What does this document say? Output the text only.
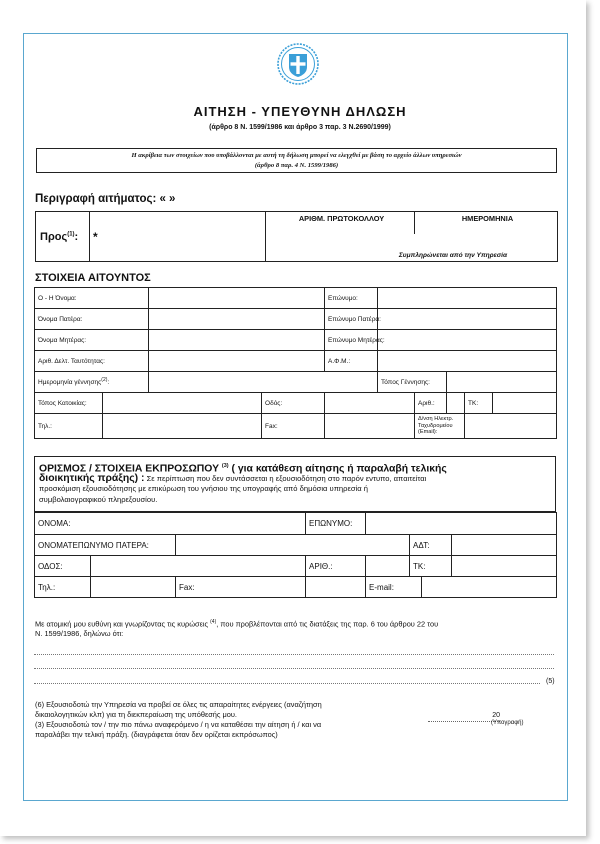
ΑΙΤΗΣΗ - ΥΠΕΥΘΥΝΗ ΔΗΛΩΣΗ
(άρθρο 8 Ν. 1599/1986 και άρθρο 3 παρ. 3 Ν.2690/1999)
Η ακρίβεια των στοιχείων που υποβάλλονται με αυτή τη δήλωση μπορεί να ελεγχθεί με βάση το αρχείο άλλων υπηρεσιών
(άρθρο 8 παρ. 4 Ν. 1599/1986)
Περιγραφή αιτήματος: « »
Προς$^{(1)}$:	*	ΑΡΙΘΜ. ΠΡΩΤΟΚΟΛΛΟΥ	ΗΜΕΡΟΜΗΝΙΑ
Συμπληρώνεται από την Υπηρεσία
ΣΤΟΙΧΕΙΑ ΑΙΤΟΥΝΤΟΣ
Ο - Η Όνομα:				Επώνυμο:					
Όνομα Πατέρα:				Επώνυμο Πατέρα:					
Όνομα Μητέρας:				Επώνυμο Μητέρας:					
Αριθ. Δελτ. Ταυτότητας:				Α.Φ.Μ.:					
Ημερομηνία γέννησης$^{(2)}$:					Τόπος Γέννησης:				
Τόπος Κατοικίας:			Οδός:			Αριθ.:		ΤΚ:	
Τηλ.:			Fax:			Δ/νση Ηλεκτρ.
Ταχυδρομείου
(Email):			

ΟΡΙΣΜΟΣ / ΣΤΟΙΧΕΙΑ ΕΚΠΡΟΣΩΠΟΥ $^{(3)}$ ( για κατάθεση αίτησης ή παραλαβή τελικής
διοικητικής πράξης) : Σε περίπτωση που δεν συντάσσεται η εξουσιοδότηση στο παρόν εντυπο, απαιτείται
προσκόμιση εξουσιοδότησης με επικύρωση του γνήσιου της υπογραφής από δημόσια υπηρεσία ή
συμβολαιογραφικού πληρεξουσίου.
ΟΝΟΜΑ:			ΕΠΩΝΥΜΟ:				
ΟΝΟΜΑΤΕΠΩΝΥΜΟ ΠΑΤΕΡΑ:					ΑΔΤ:		
ΟΔΟΣ:			ΑΡΙΘ.:		ΤΚ:		
Τηλ.:		Fax:		E-mail:			
Με ατομική μου ευθύνη και γνωρίζοντας τις κυρώσεις $^{(4)}$, που προβλέπονται από τις διατάξεις της παρ. 6 του άρθρου 22 του
Ν. 1599/1986, δηλώνω ότι:
(5)
(6) Εξουσιοδοτώ την Υπηρεσία να προβεί σε όλες τις απαραίτητες ενέργειες (αναζήτηση
δικαιολογητικών κλπ) για τη διεκπεραίωση της υπόθεσής μου.
(3) Εξουσιοδοτώ τον / την πιο πάνω αναφερόμενο / η να καταθέσει την αίτηση ή / και να
παραλάβει την τελική πράξη. (διαγράφεται όταν δεν ορίζεται εκπρόσωπος)
20
(Υπογραφή)
